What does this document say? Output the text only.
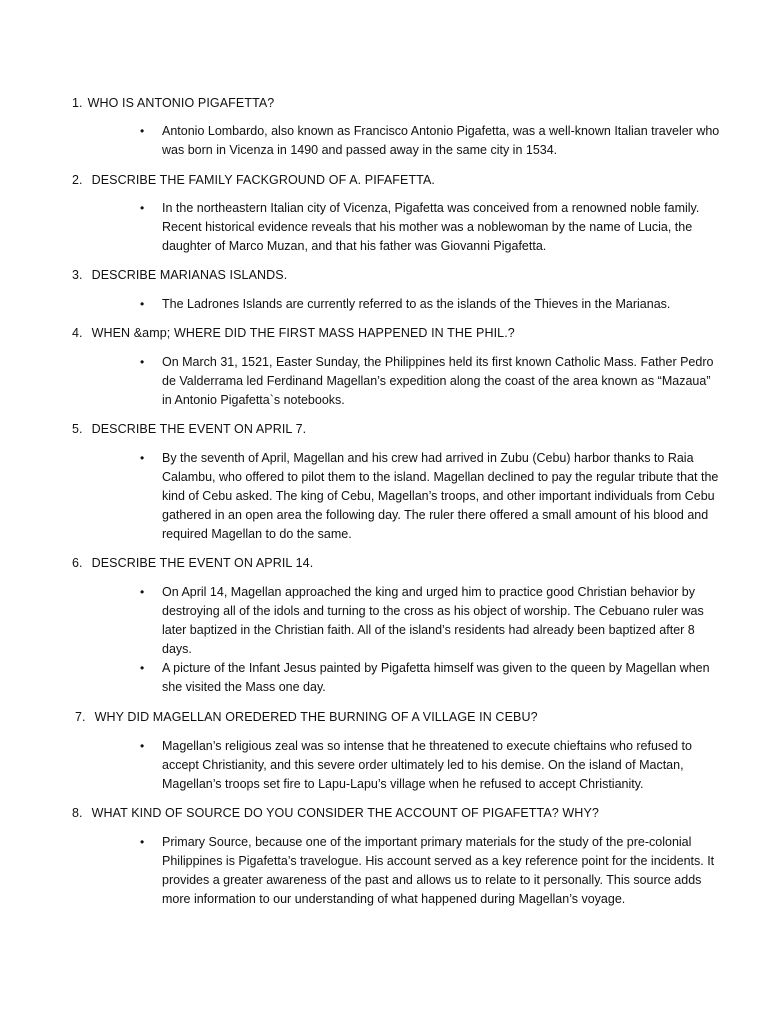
1. WHO IS ANTONIO PIGAFETTA?
• Antonio Lombardo, also known as Francisco Antonio Pigafetta, was a well-known Italian traveler who was born in Vicenza in 1490 and passed away in the same city in 1534.
2. DESCRIBE THE FAMILY FACKGROUND OF A. PIFAFETTA.
• In the northeastern Italian city of Vicenza, Pigafetta was conceived from a renowned noble family. Recent historical evidence reveals that his mother was a noblewoman by the name of Lucia, the daughter of Marco Muzan, and that his father was Giovanni Pigafetta.
3. DESCRIBE MARIANAS ISLANDS.
• The Ladrones Islands are currently referred to as the islands of the Thieves in the Marianas.
4. WHEN &amp; WHERE DID THE FIRST MASS HAPPENED IN THE PHIL.?
• On March 31, 1521, Easter Sunday, the Philippines held its first known Catholic Mass. Father Pedro de Valderrama led Ferdinand Magellan’s expedition along the coast of the area known as “Mazaua” in Antonio Pigafetta`s notebooks.
5. DESCRIBE THE EVENT ON APRIL 7.
• By the seventh of April, Magellan and his crew had arrived in Zubu (Cebu) harbor thanks to Raia Calambu, who offered to pilot them to the island. Magellan declined to pay the regular tribute that the kind of Cebu asked. The king of Cebu, Magellan’s troops, and other important individuals from Cebu gathered in an open area the following day. The ruler there offered a small amount of his blood and required Magellan to do the same.
6. DESCRIBE THE EVENT ON APRIL 14.
• On April 14, Magellan approached the king and urged him to practice good Christian behavior by destroying all of the idols and turning to the cross as his object of worship. The Cebuano ruler was later baptized in the Christian faith. All of the island’s residents had already been baptized after 8 days.
• A picture of the Infant Jesus painted by Pigafetta himself was given to the queen by Magellan when she visited the Mass one day.
7. WHY DID MAGELLAN OREDERED THE BURNING OF A VILLAGE IN CEBU?
• Magellan’s religious zeal was so intense that he threatened to execute chieftains who refused to accept Christianity, and this severe order ultimately led to his demise. On the island of Mactan, Magellan’s troops set fire to Lapu-Lapu’s village when he refused to accept Christianity.
8. WHAT KIND OF SOURCE DO YOU CONSIDER THE ACCOUNT OF PIGAFETTA? WHY?
• Primary Source, because one of the important primary materials for the study of the pre-colonial Philippines is Pigafetta’s travelogue. His account served as a key reference point for the incidents. It provides a greater awareness of the past and allows us to relate to it personally. This source adds more information to our understanding of what happened during Magellan’s voyage.
